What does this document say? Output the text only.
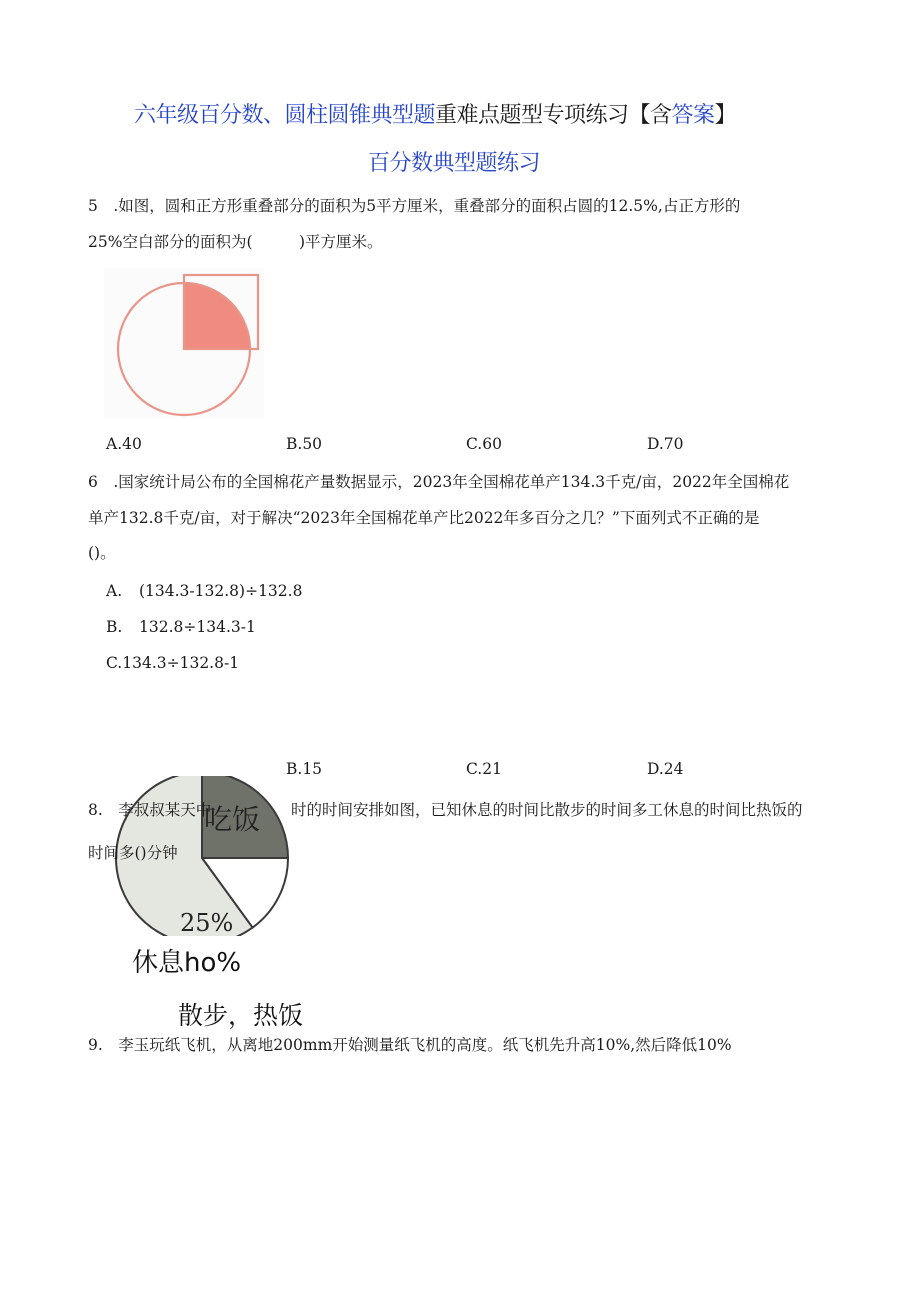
六年级百分数、圆柱圆锥典型题重难点题型专项练习【含答案】
百分数典型题练习
5　.如图，圆和正方形重叠部分的面积为5平方厘米，重叠部分的面积占圆的12.5%,占正方形的
25%空白部分的面积为(　　　)平方厘米。
A.40	B.50	C.60	D.70
6　.国家统计局公布的全国棉花产量数据显示，2023年全国棉花单产134.3千克/亩，2022年全国棉花
单产132.8千克/亩，对于解决“2023年全国棉花单产比2022年多百分之几？”下面列式不正确的是
()。
A. (134.3-132.8)÷132.8
B. 132.8÷134.3-1
C.134.3÷132.8-1
B.15	C.21	D.24
吃饭
25%
8.　李叔叔某天中	时的时间安排如图，已知休息的时间比散步的时间多工休息的时间比热饭的
时间多()分钟
休息hο%
散步，热饭
9.　李玉玩纸飞机，从离地200mm开始测量纸飞机的高度。纸飞机先升高10%,然后降低10%
